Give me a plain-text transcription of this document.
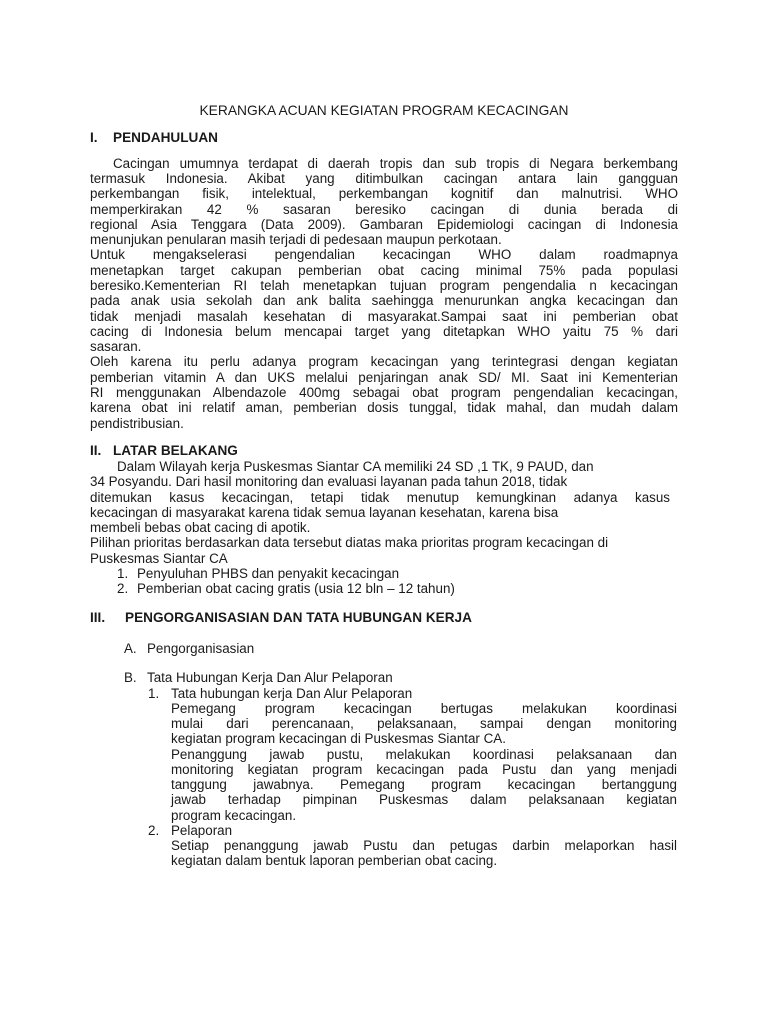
KERANGKA ACUAN KEGIATAN PROGRAM KECACINGAN
I. PENDAHULUAN
Cacingan umumnya terdapat di daerah tropis dan sub tropis di Negara berkembang
termasuk Indonesia. Akibat yang ditimbulkan cacingan antara lain gangguan
perkembangan fisik, intelektual, perkembangan kognitif dan malnutrisi. WHO
memperkirakan 42 % sasaran beresiko cacingan di dunia berada di
regional Asia Tenggara (Data 2009). Gambaran Epidemiologi cacingan di Indonesia
menunjukan penularan masih terjadi di pedesaan maupun perkotaan.
Untuk mengakselerasi pengendalian kecacingan WHO dalam roadmapnya
menetapkan target cakupan pemberian obat cacing minimal 75% pada populasi
beresiko.Kementerian RI telah menetapkan tujuan program pengendalia n kecacingan
pada anak usia sekolah dan ank balita saehingga menurunkan angka kecacingan dan
tidak menjadi masalah kesehatan di masyarakat.Sampai saat ini pemberian obat
cacing di Indonesia belum mencapai target yang ditetapkan WHO yaitu 75 % dari
sasaran.
Oleh karena itu perlu adanya program kecacingan yang terintegrasi dengan kegiatan
pemberian vitamin A dan UKS melalui penjaringan anak SD/ MI. Saat ini Kementerian
RI menggunakan Albendazole 400mg sebagai obat program pengendalian kecacingan,
karena obat ini relatif aman, pemberian dosis tunggal, tidak mahal, dan mudah dalam
pendistribusian.
II. LATAR BELAKANG
Dalam Wilayah kerja Puskesmas Siantar CA memiliki 24 SD ,1 TK, 9 PAUD, dan
34 Posyandu. Dari hasil monitoring dan evaluasi layanan pada tahun 2018, tidak
ditemukan kasus kecacingan, tetapi tidak menutup kemungkinan adanya kasus
kecacingan di masyarakat karena tidak semua layanan kesehatan, karena bisa
membeli bebas obat cacing di apotik.
Pilihan prioritas berdasarkan data tersebut diatas maka prioritas program kecacingan di
Puskesmas Siantar CA
1. Penyuluhan PHBS dan penyakit kecacingan
2. Pemberian obat cacing gratis (usia 12 bln – 12 tahun)
III. PENGORGANISASIAN DAN TATA HUBUNGAN KERJA
A. Pengorganisasian
B. Tata Hubungan Kerja Dan Alur Pelaporan
1. Tata hubungan kerja Dan Alur Pelaporan
Pemegang program kecacingan bertugas melakukan koordinasi
mulai dari perencanaan, pelaksanaan, sampai dengan monitoring
kegiatan program kecacingan di Puskesmas Siantar CA.
Penanggung jawab pustu, melakukan koordinasi pelaksanaan dan
monitoring kegiatan program kecacingan pada Pustu dan yang menjadi
tanggung jawabnya. Pemegang program kecacingan bertanggung
jawab terhadap pimpinan Puskesmas dalam pelaksanaan kegiatan
program kecacingan.
2. Pelaporan
Setiap penanggung jawab Pustu dan petugas darbin melaporkan hasil
kegiatan dalam bentuk laporan pemberian obat cacing.
